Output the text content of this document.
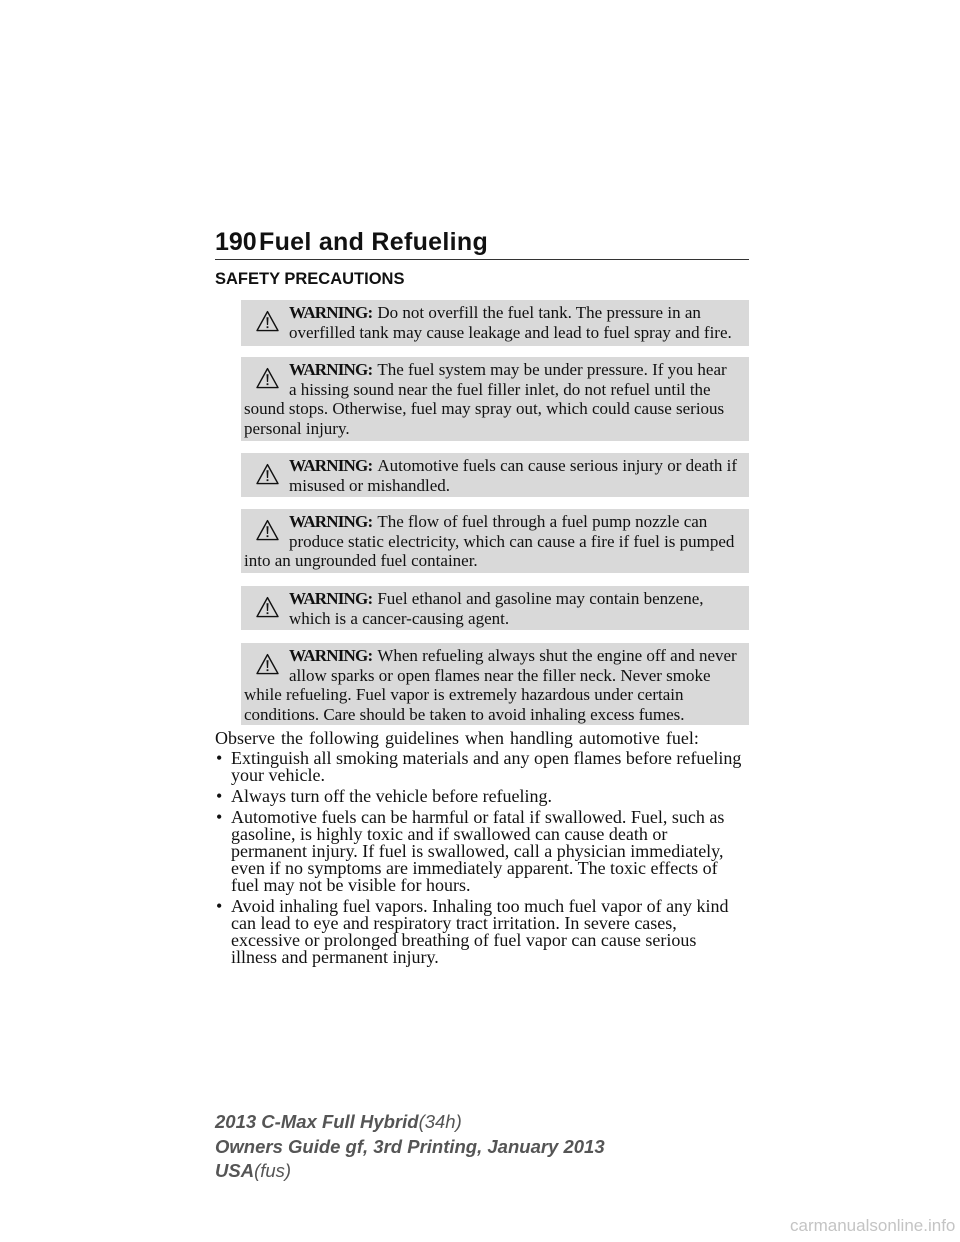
190 Fuel and Refueling
SAFETY PRECAUTIONS
WARNING: Do not overfill the fuel tank. The pressure in an
overfilled tank may cause leakage and lead to fuel spray and fire.
WARNING: The fuel system may be under pressure. If you hear
a hissing sound near the fuel filler inlet, do not refuel until the
sound stops. Otherwise, fuel may spray out, which could cause serious
personal injury.
WARNING: Automotive fuels can cause serious injury or death if
misused or mishandled.
WARNING: The flow of fuel through a fuel pump nozzle can
produce static electricity, which can cause a fire if fuel is pumped
into an ungrounded fuel container.
WARNING: Fuel ethanol and gasoline may contain benzene,
which is a cancer-causing agent.
WARNING: When refueling always shut the engine off and never
allow sparks or open flames near the filler neck. Never smoke
while refueling. Fuel vapor is extremely hazardous under certain
conditions. Care should be taken to avoid inhaling excess fumes.
Observe the following guidelines when handling automotive fuel:
• Extinguish all smoking materials and any open flames before refueling
your vehicle.
• Always turn off the vehicle before refueling.
• Automotive fuels can be harmful or fatal if swallowed. Fuel, such as
gasoline, is highly toxic and if swallowed can cause death or
permanent injury. If fuel is swallowed, call a physician immediately,
even if no symptoms are immediately apparent. The toxic effects of
fuel may not be visible for hours.
• Avoid inhaling fuel vapors. Inhaling too much fuel vapor of any kind
can lead to eye and respiratory tract irritation. In severe cases,
excessive or prolonged breathing of fuel vapor can cause serious
illness and permanent injury.
2013 C-Max Full Hybrid(34h)
Owners Guide gf, 3rd Printing, January 2013
USA(fus)
carmanualsonline.info
